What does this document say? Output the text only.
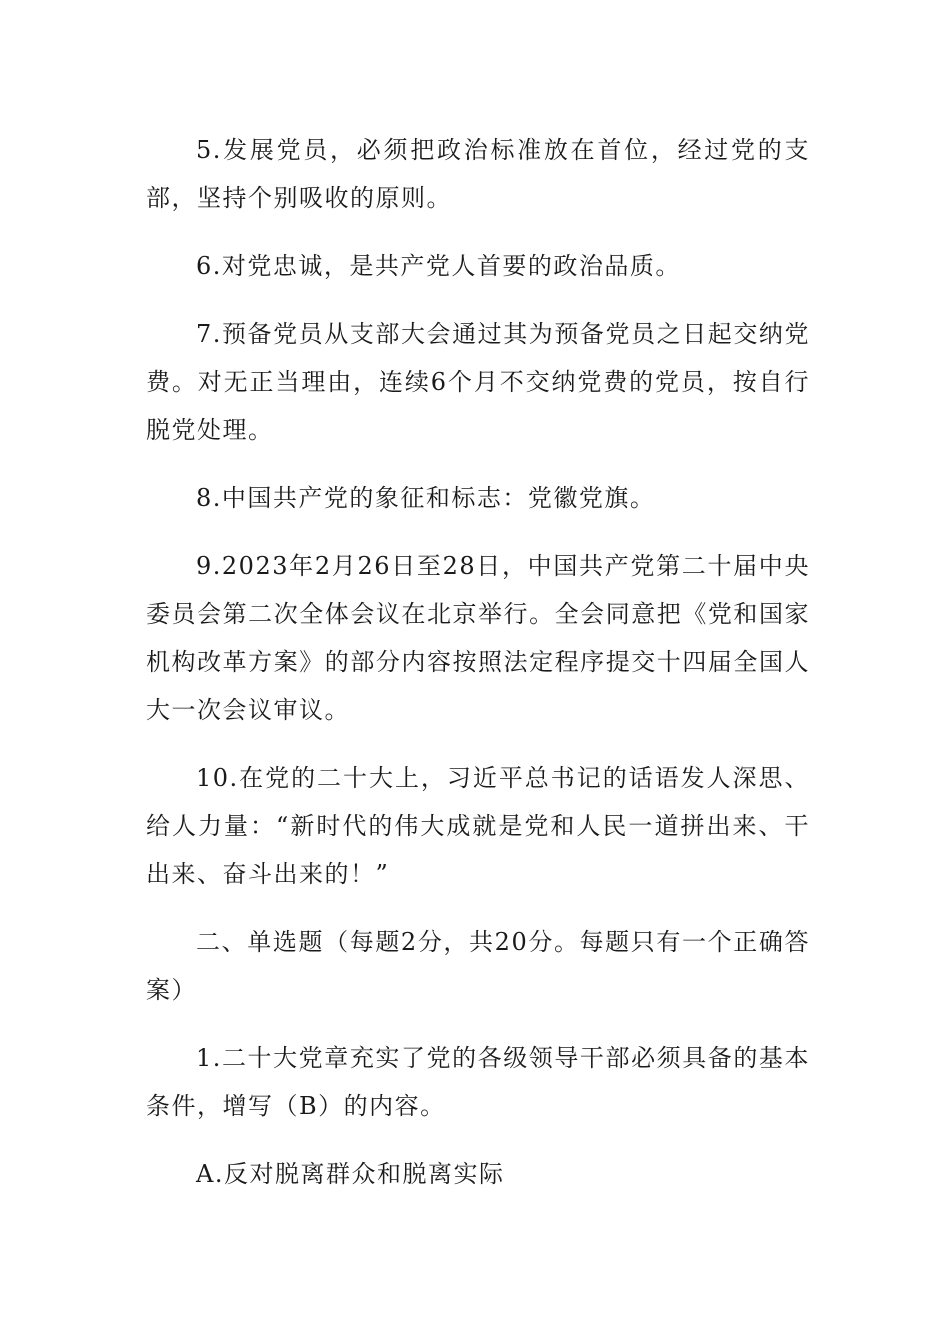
5.发展党员，必须把政治标准放在首位，经过党的支部，坚持个别吸收的原则。

6.对党忠诚，是共产党人首要的政治品质。

7.预备党员从支部大会通过其为预备党员之日起交纳党费。对无正当理由，连续6个月不交纳党费的党员，按自行脱党处理。

8.中国共产党的象征和标志：党徽党旗。

9.2023年2月26日至28日，中国共产党第二十届中央委员会第二次全体会议在北京举行。全会同意把《党和国家机构改革方案》的部分内容按照法定程序提交十四届全国人大一次会议审议。

10.在党的二十大上，习近平总书记的话语发人深思、给人力量：“新时代的伟大成就是党和人民一道拼出来、干出来、奋斗出来的！”

二、单选题（每题2分，共20分。每题只有一个正确答案）

1.二十大党章充实了党的各级领导干部必须具备的基本条件，增写（B）的内容。

A.反对脱离群众和脱离实际
